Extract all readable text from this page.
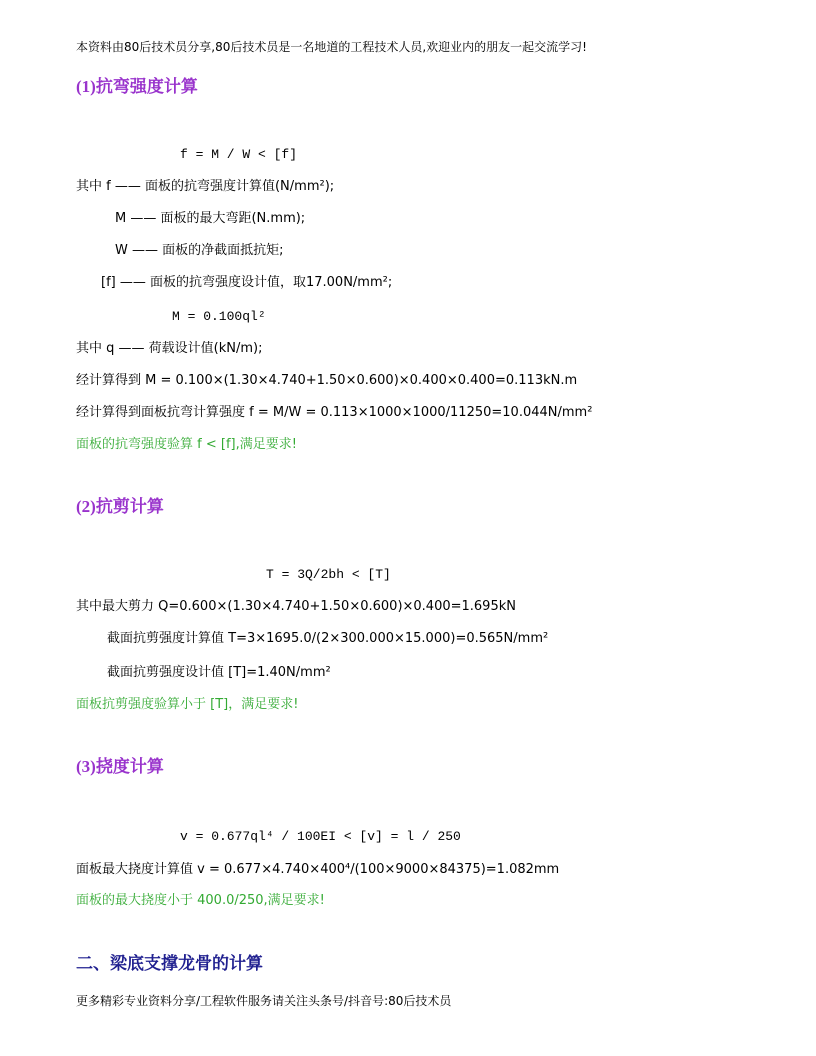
本资料由80后技术员分享,80后技术员是一名地道的工程技术人员,欢迎业内的朋友一起交流学习!
(1)抗弯强度计算
f = M / W < [f]
其中 f —— 面板的抗弯强度计算值(N/mm²);
M —— 面板的最大弯距(N.mm);
W —— 面板的净截面抵抗矩;
[f] —— 面板的抗弯强度设计值，取17.00N/mm²;
M = 0.100ql²
其中 q —— 荷载设计值(kN/m);
经计算得到 M = 0.100×(1.30×4.740+1.50×0.600)×0.400×0.400=0.113kN.m
经计算得到面板抗弯计算强度 f = M/W = 0.113×1000×1000/11250=10.044N/mm²
面板的抗弯强度验算 f < [f],满足要求!
(2)抗剪计算
T = 3Q/2bh < [T]
其中最大剪力 Q=0.600×(1.30×4.740+1.50×0.600)×0.400=1.695kN
截面抗剪强度计算值 T=3×1695.0/(2×300.000×15.000)=0.565N/mm²
截面抗剪强度设计值 [T]=1.40N/mm²
面板抗剪强度验算小于 [T]，满足要求!
(3)挠度计算
v = 0.677ql⁴ / 100EI < [v] = l / 250
面板最大挠度计算值 v = 0.677×4.740×400⁴/(100×9000×84375)=1.082mm
面板的最大挠度小于 400.0/250,满足要求!
二、梁底支撑龙骨的计算
更多精彩专业资料分享/工程软件服务请关注头条号/抖音号:80后技术员
